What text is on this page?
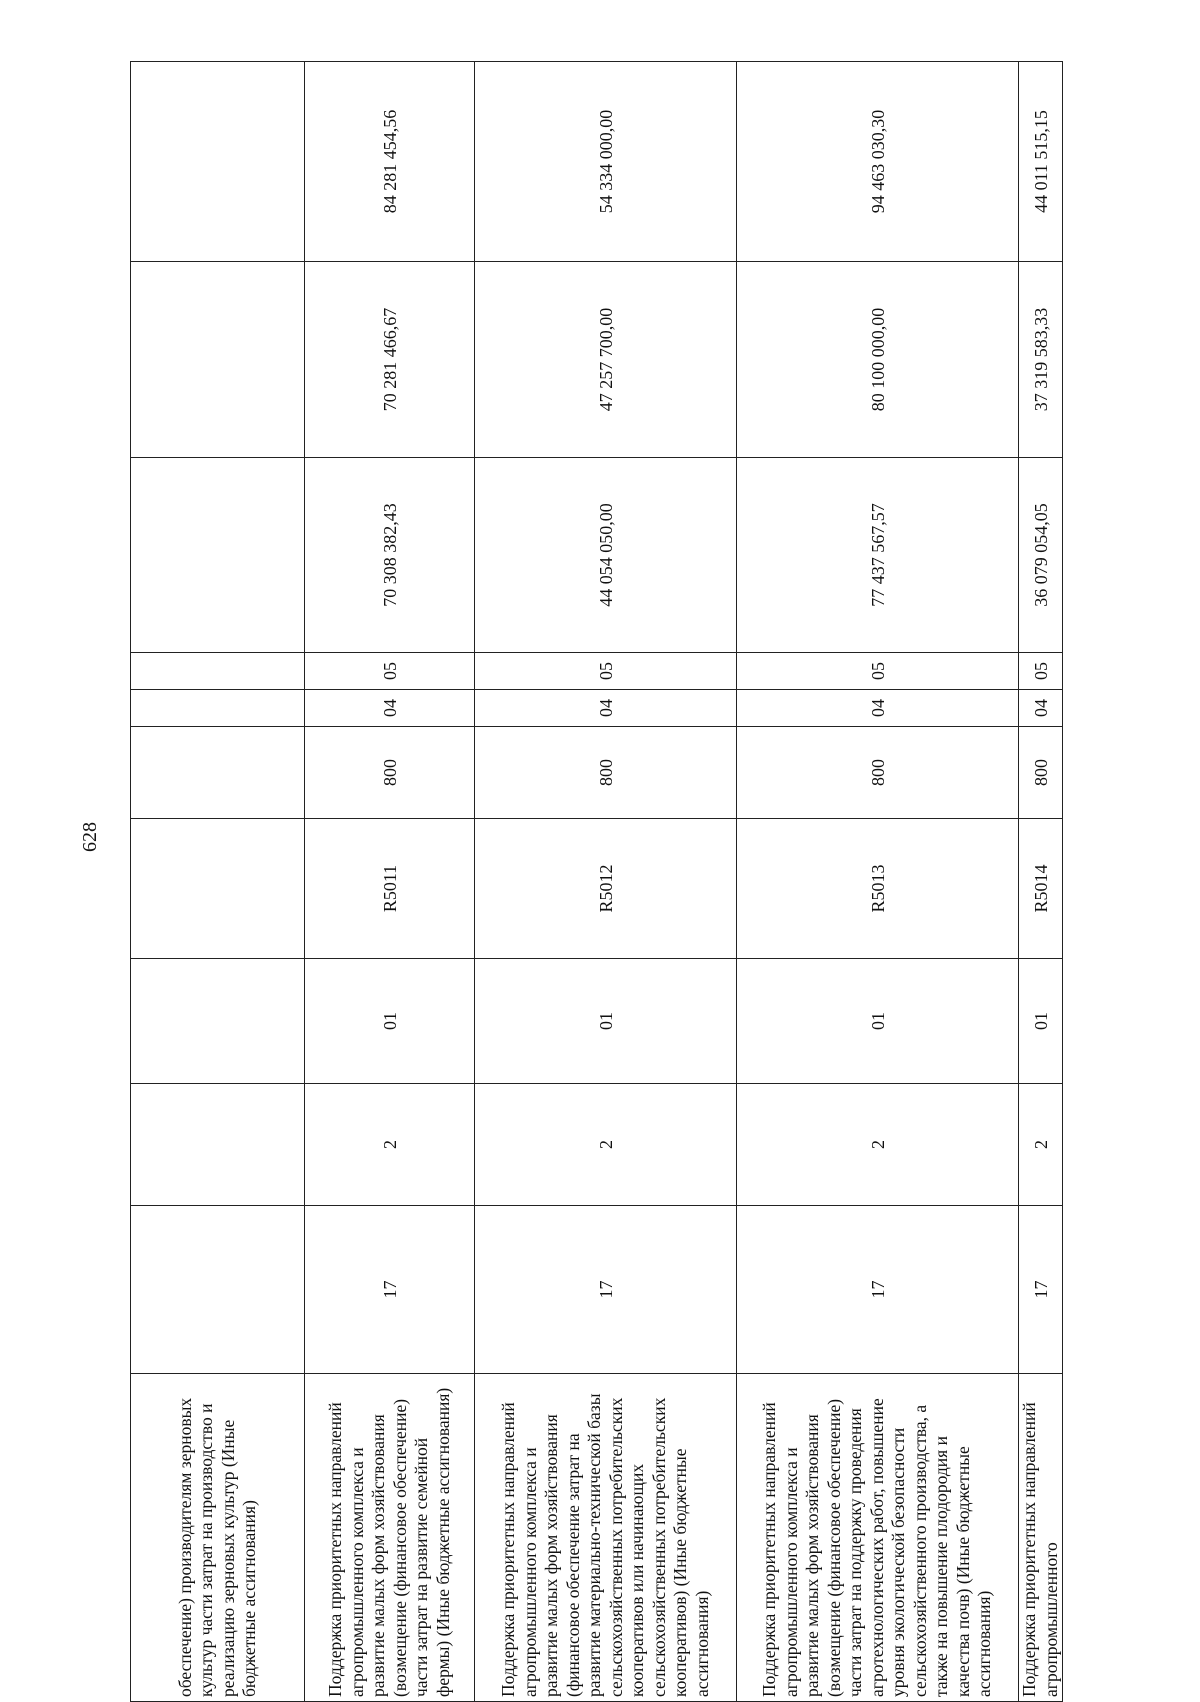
628
обеспечение) производителям зерновых культур части затрат на производство и реализацию зерновых культур (Иные бюджетные ассигнования)										
Поддержка приоритетных направлений агропромышленного комплекса и развитие малых форм хозяйствования (возмещение (финансовое обеспечение) части затрат на развитие семейной фермы) (Иные бюджетные ассигнования)	17	2	01	R5011	800	04	05	70 308 382,43	70 281 466,67	84 281 454,56
Поддержка приоритетных направлений агропромышленного комплекса и развитие малых форм хозяйствования (финансовое обеспечение затрат на развитие материально-технической базы сельскохозяйственных потребительских кооперативов или начинающих сельскохозяйственных потребительских кооперативов) (Иные бюджетные ассигнования)	17	2	01	R5012	800	04	05	44 054 050,00	47 257 700,00	54 334 000,00
Поддержка приоритетных направлений агропромышленного комплекса и развитие малых форм хозяйствования (возмещение (финансовое обеспечение) части затрат на поддержку проведения агротехнологических работ, повышение уровня экологической безопасности сельскохозяйственного производства, а также на повышение плодородия и качества почв) (Иные бюджетные ассигнования)	17	2	01	R5013	800	04	05	77 437 567,57	80 100 000,00	94 463 030,30
Поддержка приоритетных направлений агропромышленного	17	2	01	R5014	800	04	05	36 079 054,05	37 319 583,33	44 011 515,15
